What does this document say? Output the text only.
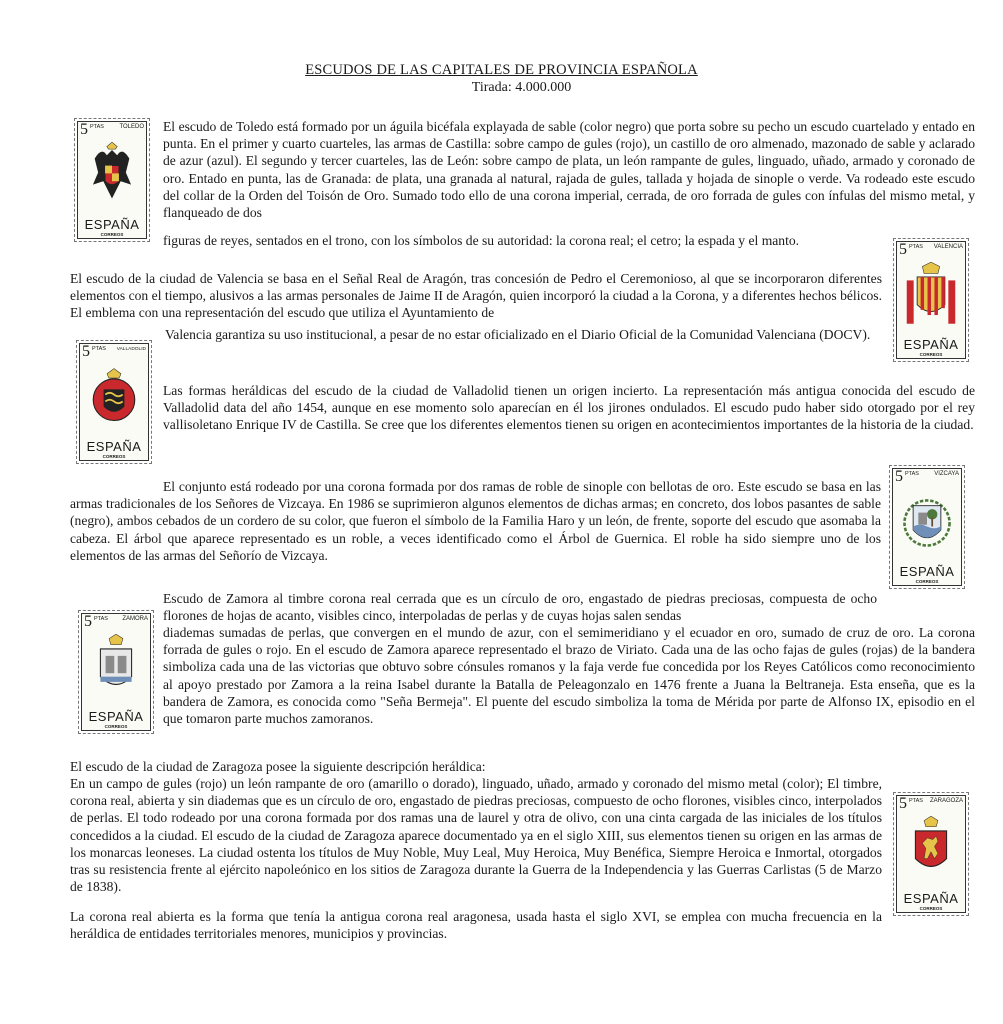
ESCUDOS DE LAS CAPITALES DE PROVINCIA ESPAÑOLA
Tirada: 4.000.000
5 PTAS	TOLEDO
ESPAÑA
CORREOS

El escudo de Toledo está formado por un águila bicéfala explayada de sable (color negro) que porta sobre su pecho un escudo cuartelado y entado en punta. En el primer y cuarto cuarteles, las armas de Castilla: sobre campo de gules (rojo), un castillo de oro almenado, mazonado de sable y aclarado de azur (azul). El segundo y tercer cuarteles, las de León: sobre campo de plata, un león rampante de gules, linguado, uñado, armado y coronado de oro. Entado en punta, las de Granada: de plata, una granada al natural, rajada de gules, tallada y hojada de sinople o verde. Va rodeado este escudo del collar de la Orden del Toisón de Oro. Sumado todo ello de una corona imperial, cerrada, de oro forrada de gules con ínfulas del mismo metal, y flanqueado de dos

figuras de reyes, sentados en el trono, con los símbolos de su autoridad: la corona real; el cetro; la espada y el manto.

5 PTAS VALENCIA
ESPAÑA
CORREOS

El escudo de la ciudad de Valencia se basa en el Señal Real de Aragón, tras concesión de Pedro el Ceremonioso, al que se incorporaron diferentes elementos con el tiempo, alusivos a las armas personales de Jaime II de Aragón, quien incorporó la ciudad a la Corona, y a diferentes hechos bélicos. El emblema con una representación del escudo que utiliza el Ayuntamiento de

Valencia garantiza su uso institucional, a pesar de no estar oficializado en el Diario Oficial de la Comunidad Valenciana (DOCV).

5 PTAS VALLADOLID
ESPAÑA
CORREOS

Las formas heráldicas del escudo de la ciudad de Valladolid tienen un origen incierto. La representación más antigua conocida del escudo de Valladolid data del año 1454, aunque en ese momento solo aparecían en él los jirones ondulados. El escudo pudo haber sido otorgado por el rey vallisoletano Enrique IV de Castilla. Se cree que los diferentes elementos tienen su origen en acontecimientos importantes de la historia de la ciudad.

5 PTAS	VIZCAYA
ESPAÑA
CORREOS

El conjunto está rodeado por una corona formada por dos ramas de roble de sinople con bellotas de oro. Este escudo se basa en las armas tradicionales de los Señores de Vizcaya. En 1986 se suprimieron algunos elementos de dichas armas; en concreto, dos lobos pasantes de sable (negro), ambos cebados de un cordero de su color, que fueron el símbolo de la Familia Haro y un león, de frente, soporte del escudo que asomaba la cabeza. El árbol que aparece representado es un roble, a veces identificado como el Árbol de Guernica. El roble ha sido siempre uno de los elementos de las armas del Señorío de Vizcaya.

5 PTAS ZAMORA
ESPAÑA
CORREOS

Escudo de Zamora al timbre corona real cerrada que es un círculo de oro, engastado de piedras preciosas, compuesta de ocho florones de hojas de acanto, visibles cinco, interpoladas de perlas y de cuyas hojas salen sendas

diademas sumadas de perlas, que convergen en el mundo de azur, con el semimeridiano y el ecuador en oro, sumado de cruz de oro. La corona forrada de gules o rojo. En el escudo de Zamora aparece representado el brazo de Viriato. Cada una de las ocho fajas de gules (rojas) de la bandera simboliza cada una de las victorias que obtuvo sobre cónsules romanos y la faja verde fue concedida por los Reyes Católicos como reconocimiento al apoyo prestado por Zamora a la reina Isabel durante la Batalla de Peleagonzalo en 1476 frente a Juana la Beltraneja. Esta enseña, que es la bandera de Zamora, es conocida como "Seña Bermeja". El puente del escudo simboliza la toma de Mérida por parte de Alfonso IX, episodio en el que tomaron parte muchos zamoranos.

El escudo de la ciudad de Zaragoza posee la siguiente descripción heráldica:

En un campo de gules (rojo) un león rampante de oro (amarillo o dorado), linguado, uñado, armado y coronado del mismo metal (color); El timbre, corona real, abierta y sin diademas que es un círculo de oro, engastado de piedras preciosas, compuesto de ocho florones, visibles cinco, interpolados de perlas. El todo rodeado por una corona formada por dos ramas una de laurel y otra de olivo, con una cinta cargada de las iniciales de los títulos concedidos a la ciudad. El escudo de la ciudad de Zaragoza aparece documentado ya en el siglo XIII, sus elementos tienen su origen en las armas de los monarcas leoneses. La ciudad ostenta los títulos de Muy Noble, Muy Leal, Muy Heroica, Muy Benéfica, Siempre Heroica e Inmortal, otorgados tras su resistencia frente al ejército napoleónico en los sitios de Zaragoza durante la Guerra de la Independencia y las Guerras Carlistas (5 de Marzo de 1838).

La corona real abierta es la forma que tenía la antigua corona real aragonesa, usada hasta el siglo XVI, se emplea con mucha frecuencia en la heráldica de entidades territoriales menores, municipios y provincias.

5 PTAS ZARAGOZA
ESPAÑA
CORREOS
